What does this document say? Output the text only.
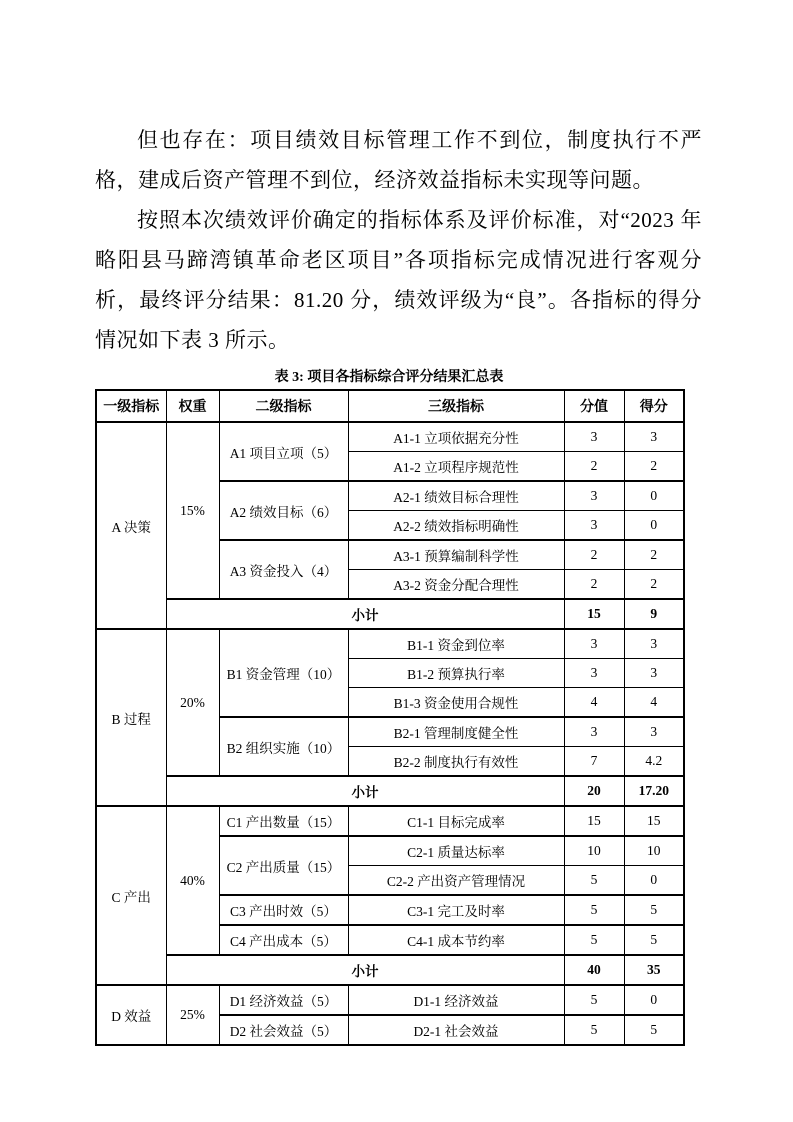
但也存在：项目绩效目标管理工作不到位，制度执行不严格，建成后资产管理不到位，经济效益指标未实现等问题。

按照本次绩效评价确定的指标体系及评价标准，对“2023 年略阳县马蹄湾镇革命老区项目”各项指标完成情况进行客观分析，最终评分结果：81.20 分，绩效评级为“良”。各指标的得分情况如下表 3 所示。

表 3: 项目各指标综合评分结果汇总表
一级指标	权重	二级指标	三级指标	分值	得分
A 决策	15%	A1 项目立项（5）	A1-1 立项依据充分性	3	3
			A1-2 立项程序规范性	2	2
		A2 绩效目标（6）	A2-1 绩效目标合理性	3	0
			A2-2 绩效指标明确性	3	0
		A3 资金投入（4）	A3-1 预算编制科学性	2	2
			A3-2 资金分配合理性	2	2
	小计			15	9
B 过程	20%	B1 资金管理（10）	B1-1 资金到位率	3	3
			B1-2 预算执行率	3	3
			B1-3 资金使用合规性	4	4
		B2 组织实施（10）	B2-1 管理制度健全性	3	3
			B2-2 制度执行有效性	7	4.2
	小计			20	17.20
C 产出	40%	C1 产出数量（15）	C1-1 目标完成率	15	15
		C2 产出质量（15）	C2-1 质量达标率	10	10
			C2-2 产出资产管理情况	5	0
		C3 产出时效（5）	C3-1 完工及时率	5	5
		C4 产出成本（5）	C4-1 成本节约率	5	5
	小计			40	35
D 效益	25%	D1 经济效益（5）	D1-1 经济效益	5	0
		D2 社会效益（5）	D2-1 社会效益	5	5
